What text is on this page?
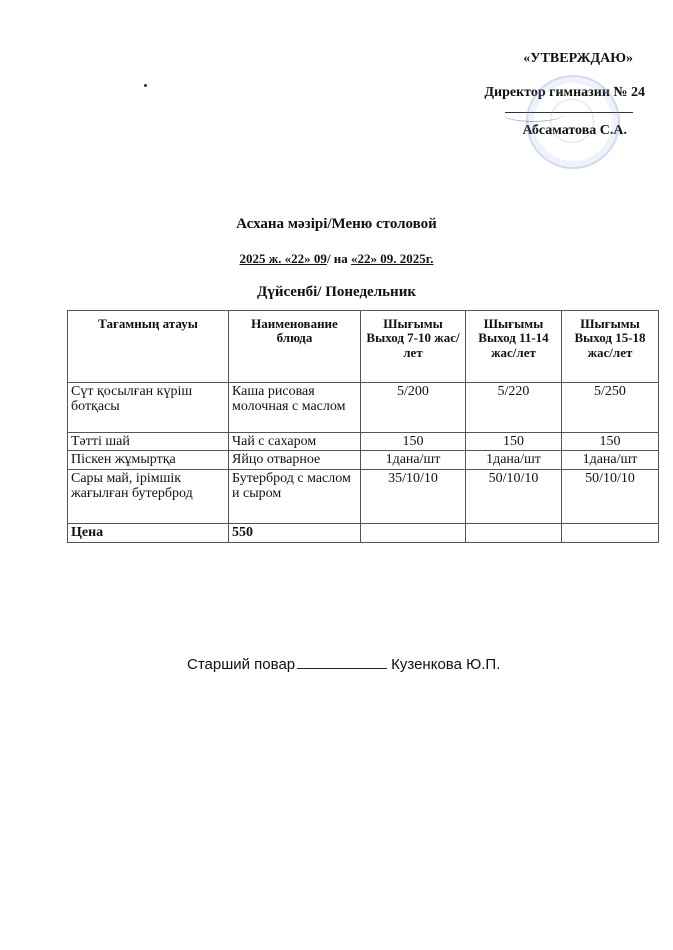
«УТВЕРЖДАЮ»
Директор гимназии № 24
Абсаматова С.А.
Асхана мәзірі/Меню столовой
2025 ж. «22» 09/ на «22» 09. 2025г.
Дүйсенбі/ Понедельник
Тағамның атауы	Наименование блюда	Шығымы Выход 7-10 жас/лет	Шығымы Выход 11-14 жас/лет	Шығымы Выход 15-18 жас/лет
Сүт қосылған күріш ботқасы	Каша рисовая молочная с маслом	5/200	5/220	5/250
Тәтті шай	Чай с сахаром	150	150	150
Піскен жұмыртқа	Яйцо отварное	1дана/шт	1дана/шт	1дана/шт
Сары май, ірімшік жағылған бутерброд	Бутерброд с маслом и сыром	35/10/10	50/10/10	50/10/10
Цена	550			
Старший повар	Кузенкова Ю.П.
